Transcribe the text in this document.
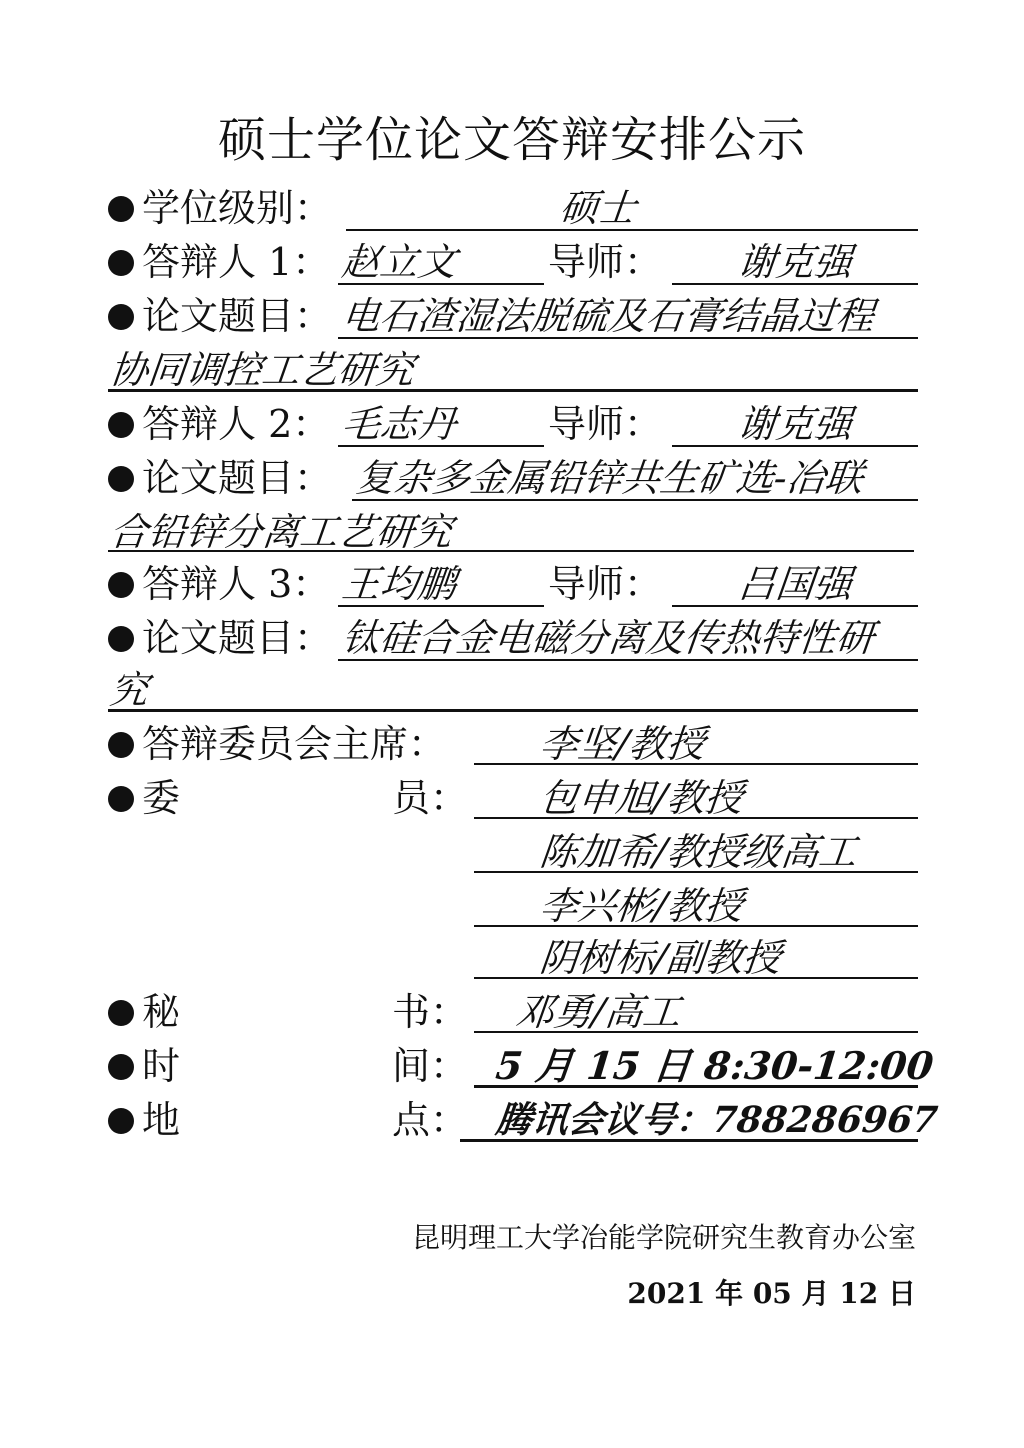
硕士学位论文答辩安排公示
学位级别：	硕士
答辩人 1： 赵立文 导师： 谢克强
论文题目： 电石渣湿法脱硫及石膏结晶过程
协同调控工艺研究
答辩人 2： 毛志丹 导师： 谢克强
论文题目： 复杂多金属铅锌共生矿选-冶联
合铅锌分离工艺研究
答辩人 3： 王均鹏 导师： 吕国强
论文题目： 钛硅合金电磁分离及传热特性研
究
答辩委员会主席： 李坚/教授
委	员： 包申旭/教授
陈加希/教授级高工
李兴彬/教授
阴树标/副教授
秘	书： 邓勇/高工
时	间： 5 月 15 日 8:30-12:00
地	点： 腾讯会议号：788286967
昆明理工大学冶能学院研究生教育办公室
2021 年 05 月 12 日
